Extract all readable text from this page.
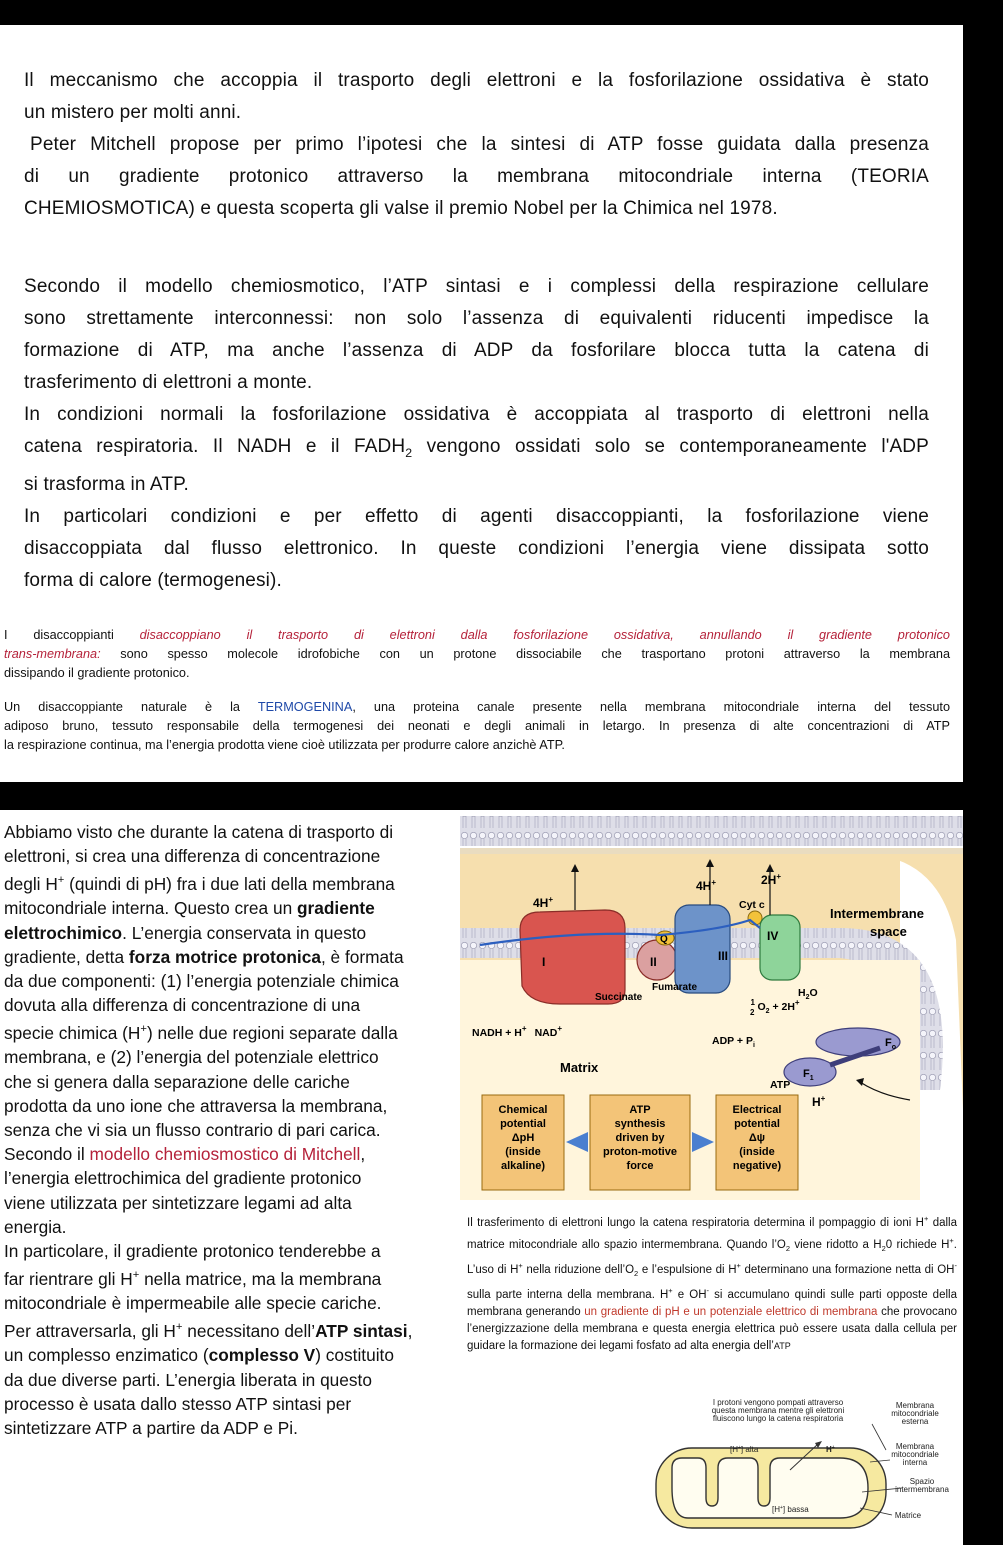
Il meccanismo che accoppia il trasporto degli elettroni e la fosforilazione ossidativa è stato
un mistero per molti anni.
Peter Mitchell propose per primo l’ipotesi che la sintesi di ATP fosse guidata dalla presenza
di un gradiente protonico attraverso la membrana mitocondriale interna (TEORIA
CHEMIOSMOTICA) e questa scoperta gli valse il premio Nobel per la Chimica nel 1978.
Secondo il modello chemiosmotico, l’ATP sintasi e i complessi della respirazione cellulare
sono strettamente interconnessi: non solo l’assenza di equivalenti riducenti impedisce la
formazione di ATP, ma anche l’assenza di ADP da fosforilare blocca tutta la catena di
trasferimento di elettroni a monte.
In condizioni normali la fosforilazione ossidativa è accoppiata al trasporto di elettroni nella
catena respiratoria. Il NADH e il $FADH_2$ vengono ossidati solo se contemporaneamente l'ADP
si trasforma in ATP.
In particolari condizioni e per effetto di agenti disaccoppianti, la fosforilazione viene
disaccoppiata dal flusso elettronico. In queste condizioni l’energia viene dissipata sotto
forma di calore (termogenesi).
I disaccoppianti disaccoppiano il trasporto di elettroni dalla fosforilazione ossidativa, annullando il gradiente protonico
trans-membrana: sono spesso molecole idrofobiche con un protone dissociabile che trasportano protoni attraverso la membrana
dissipando il gradiente protonico.
Un disaccoppiante naturale è la TERMOGENINA, una proteina canale presente nella membrana mitocondriale interna del tessuto
adiposo bruno, tessuto responsabile della termogenesi dei neonati e degli animali in letargo. In presenza di alte concentrazioni di ATP
la respirazione continua, ma l’energia prodotta viene cioè utilizzata per produrre calore anzichè ATP.
I	II
Q
III
IV
4H+
4H+	2H+
Cyt c
Intermembrane
space
$H_2O$
Fumarate
Succinate	$^1$ 2 $O_2 + 2H^+$
NADH + H+ NAD+
Matrix
ADP + $P_i$
ATP
$F_o$
$F_1$
H+
Chemical
potential
ΔpH
(inside
alkaline)
ATP
synthesis
driven by
proton-motive
force
Electrical
potential
Δψ
(inside
negative)
Abbiamo visto che durante la catena di trasporto di
elettroni, si crea una differenza di concentrazione
degli H+ (quindi di pH) fra i due lati della membrana
mitocondriale interna. Questo crea un gradiente
elettrochimico. L’energia conservata in questo
gradiente, detta forza motrice protonica, è formata
da due componenti: (1) l’energia potenziale chimica
dovuta alla differenza di concentrazione di una
specie chimica (H+) nelle due regioni separate dalla
membrana, e (2) l’energia del potenziale elettrico
che si genera dalla separazione delle cariche
prodotta da uno ione che attraversa la membrana,
senza che vi sia un flusso contrario di pari carica.
Secondo il modello chemiosmostico di Mitchell,
l’energia elettrochimica del gradiente protonico
viene utilizzata per sintetizzare legami ad alta
energia.
In particolare, il gradiente protonico tenderebbe a
far rientrare gli H+ nella matrice, ma la membrana
mitocondriale è impermeabile alle specie cariche.
Per attraversarla, gli H+ necessitano dell’ATP sintasi,
un complesso enzimatico (complesso V) costituito
da due diverse parti. L’energia liberata in questo
processo è usata dallo stesso ATP sintasi per
sintetizzare ATP a partire da ADP e Pi.
Il trasferimento di elettroni lungo la catena respiratoria determina il pompaggio di ioni H+ dalla matrice mitocondriale allo spazio intermembrana. Quando $l’O_2$ viene ridotto a $H_20$ richiede H+. L’uso di H+ nella riduzione $dell’O_2$ e l’espulsione di H+ determinano una formazione netta di OH- sulla parte interna della membrana. H+ e OH- si accumulano quindi sulle parti opposte della membrana generando un gradiente di pH e un potenziale elettrico di membrana che provocano l’energizzazione della membrana e questa energia elettrica può essere usata dalla cellula per guidare la formazione dei legami fosfato ad alta energia dell’ATP
I protoni vengono pompati attraverso
questa membrana mentre gli elettroni
fluiscono lungo la catena respiratoria
Membrana
mitocondriale
esterna
Membrana
mitocondriale
interna
Spazio
intermembrana
Matrice
[H+] alta
[H+] bassa
H+
